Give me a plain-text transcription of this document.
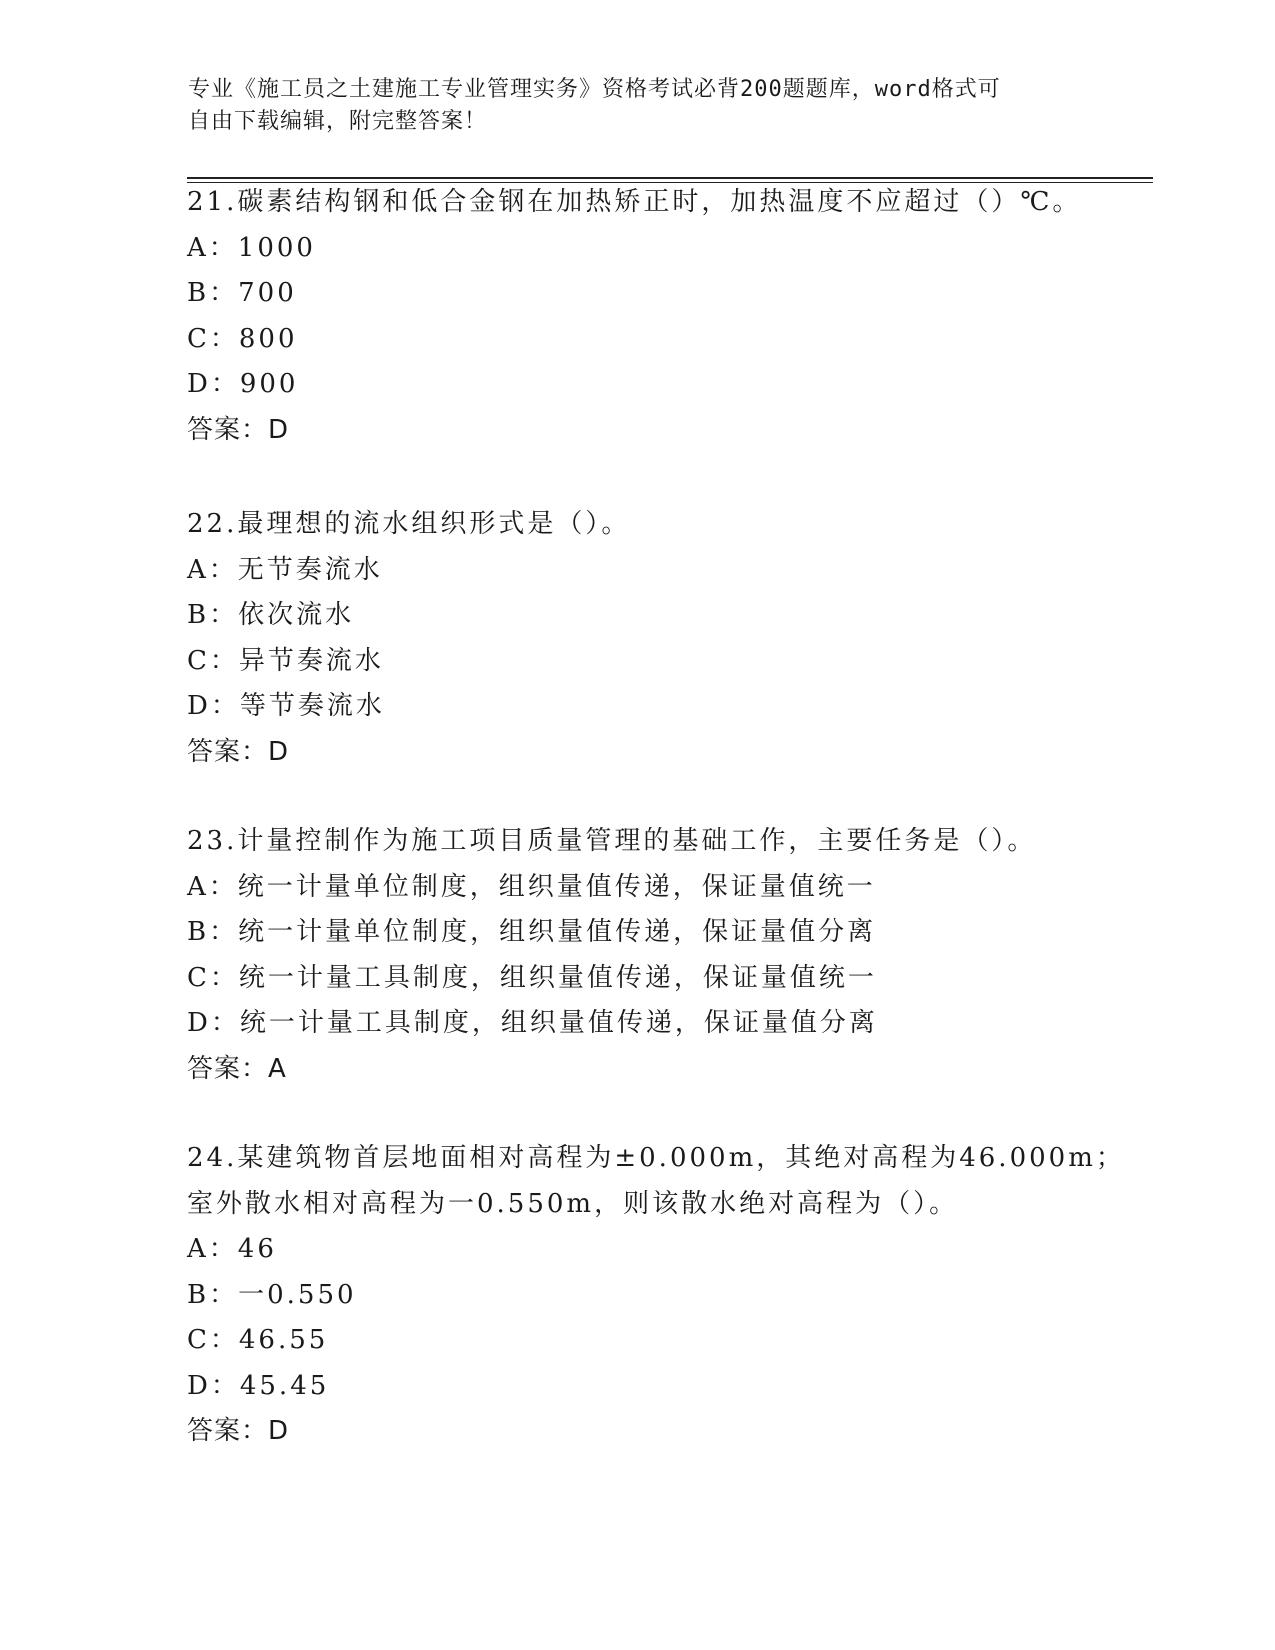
专业《施工员之土建施工专业管理实务》资格考试必背200题题库，word格式可
自由下载编辑，附完整答案！
21.碳素结构钢和低合金钢在加热矫正时，加热温度不应超过（）℃。
A：1000
B：700
C：800
D：900
答案：D
22.最理想的流水组织形式是（）。
A：无节奏流水
B：依次流水
C：异节奏流水
D：等节奏流水
答案：D
23.计量控制作为施工项目质量管理的基础工作，主要任务是（）。
A：统一计量单位制度，组织量值传递，保证量值统一
B：统一计量单位制度，组织量值传递，保证量值分离
C：统一计量工具制度，组织量值传递，保证量值统一
D：统一计量工具制度，组织量值传递，保证量值分离
答案：A
24.某建筑物首层地面相对高程为±0.000m，其绝对高程为46.000m；
室外散水相对高程为一0.550m，则该散水绝对高程为（）。
A：46
B：一0.550
C：46.55
D：45.45
答案：D
